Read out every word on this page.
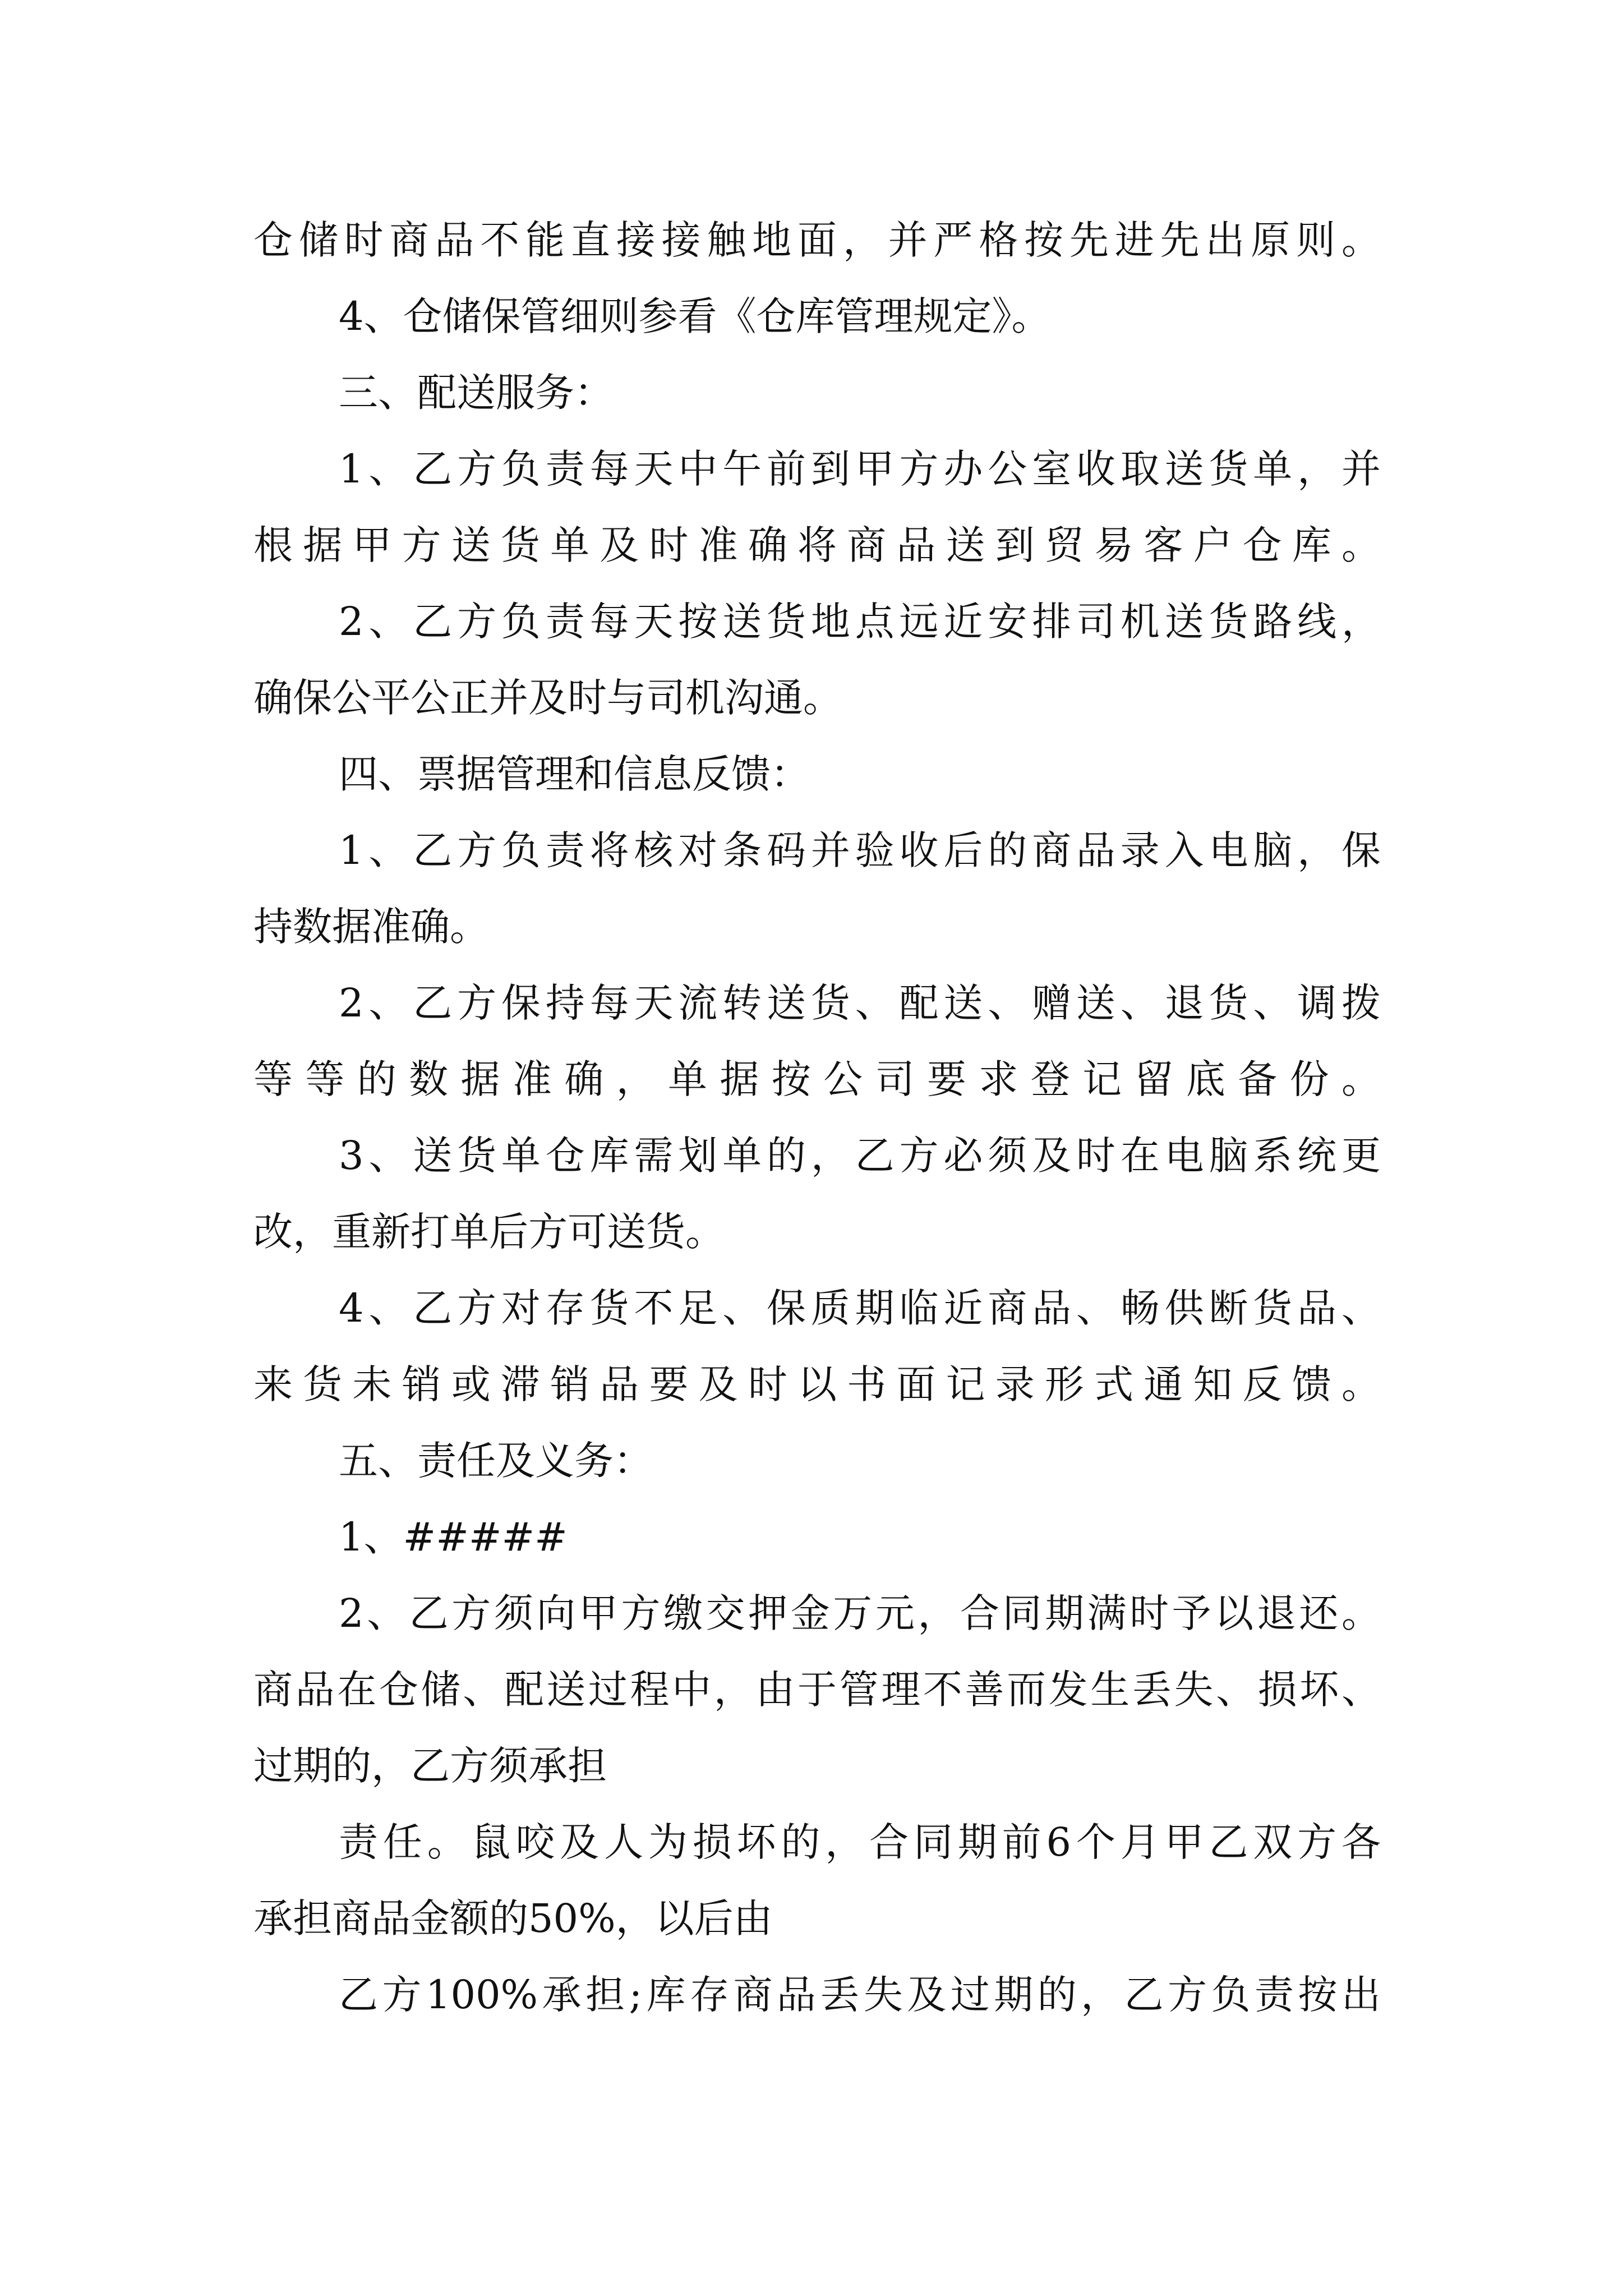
仓储时商品不能直接接触地面，并严格按先进先出原则。
4、仓储保管细则参看《仓库管理规定》。
三、配送服务：
1、乙方负责每天中午前到甲方办公室收取送货单，并
根据甲方送货单及时准确将商品送到贸易客户仓库。
2、乙方负责每天按送货地点远近安排司机送货路线，
确保公平公正并及时与司机沟通。
四、票据管理和信息反馈：
1、乙方负责将核对条码并验收后的商品录入电脑，保
持数据准确。
2、乙方保持每天流转送货、配送、赠送、退货、调拨
等等的数据准确，单据按公司要求登记留底备份。
3、送货单仓库需划单的，乙方必须及时在电脑系统更
改，重新打单后方可送货。
4、乙方对存货不足、保质期临近商品、畅供断货品、
来货未销或滞销品要及时以书面记录形式通知反馈。
五、责任及义务：
1、#####
2、乙方须向甲方缴交押金万元，合同期满时予以退还。
商品在仓储、配送过程中，由于管理不善而发生丢失、损坏、
过期的，乙方须承担
责任。鼠咬及人为损坏的，合同期前6个月甲乙双方各
承担商品金额的50%，以后由
乙方100%承担;库存商品丢失及过期的，乙方负责按出
